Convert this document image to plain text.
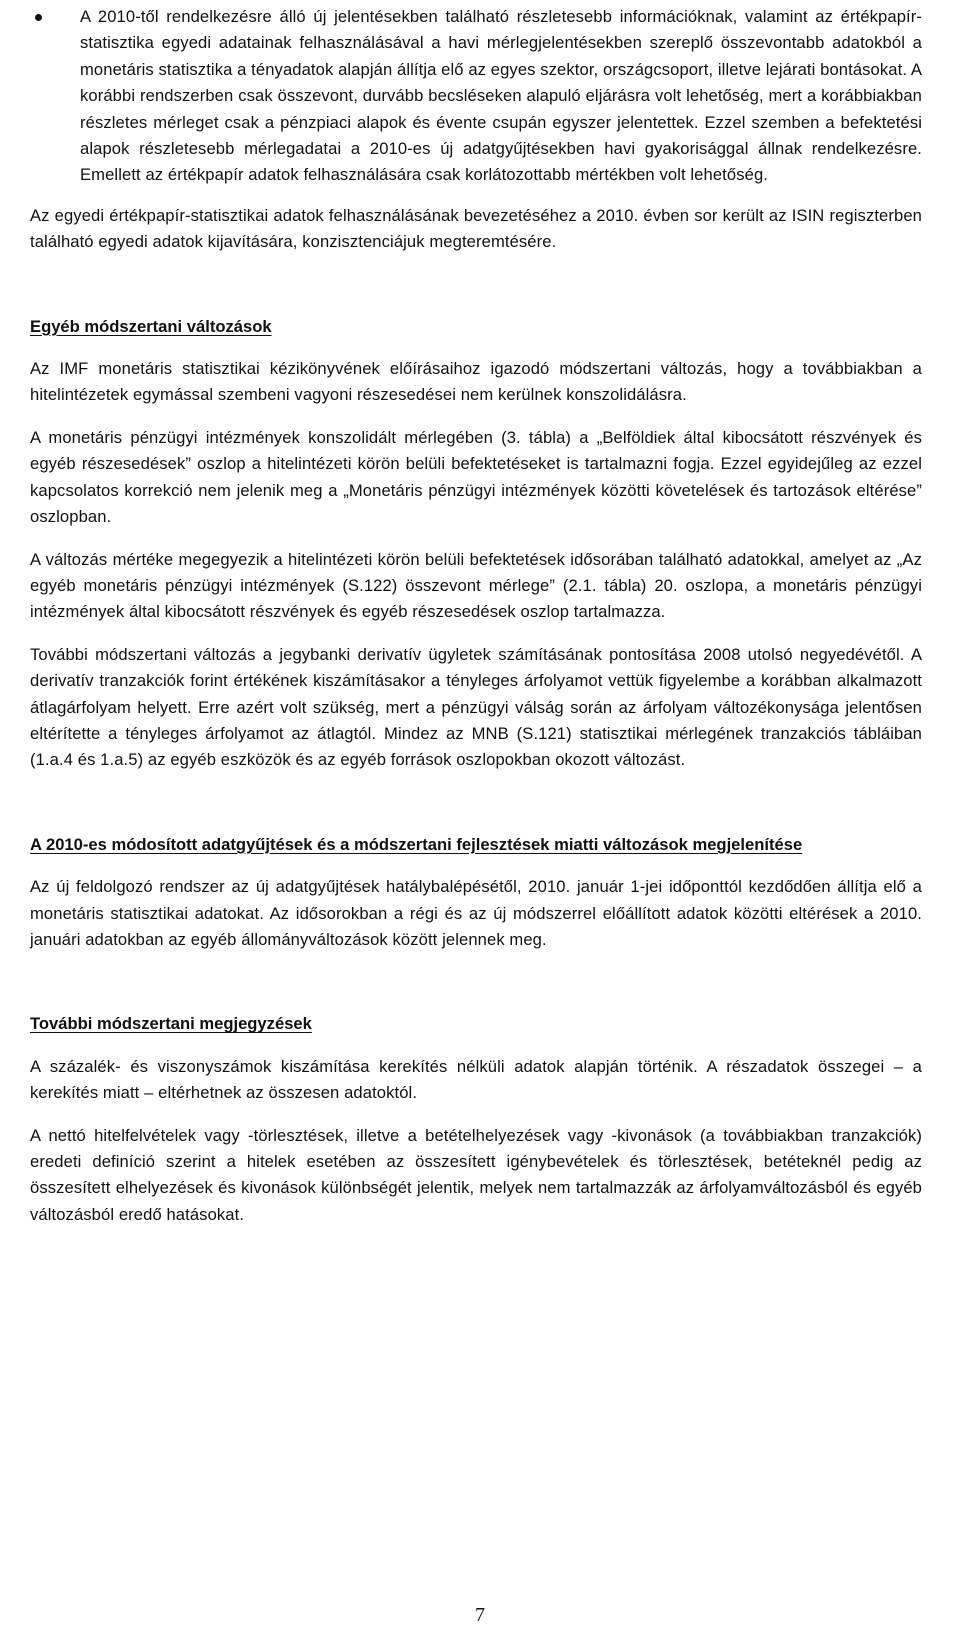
A 2010-től rendelkezésre álló új jelentésekben található részletesebb információknak, valamint az értékpapír-statisztika egyedi adatainak felhasználásával a havi mérlegjelentésekben szereplő összevontabb adatokból a monetáris statisztika a tényadatok alapján állítja elő az egyes szektor, országcsoport, illetve lejárati bontásokat. A korábbi rendszerben csak összevont, durvább becsléseken alapuló eljárásra volt lehetőség, mert a korábbiakban részletes mérleget csak a pénzpiaci alapok és évente csupán egyszer jelentettek. Ezzel szemben a befektetési alapok részletesebb mérlegadatai a 2010-es új adatgyűjtésekben havi gyakorisággal állnak rendelkezésre. Emellett az értékpapír adatok felhasználására csak korlátozottabb mértékben volt lehetőség.

Az egyedi értékpapír-statisztikai adatok felhasználásának bevezetéséhez a 2010. évben sor került az ISIN regiszterben található egyedi adatok kijavítására, konzisztenciájuk megteremtésére.

Egyéb módszertani változások

Az IMF monetáris statisztikai kézikönyvének előírásaihoz igazodó módszertani változás, hogy a továbbiakban a hitelintézetek egymással szembeni vagyoni részesedései nem kerülnek konszolidálásra.

A monetáris pénzügyi intézmények konszolidált mérlegében (3. tábla) a „Belföldiek által kibocsátott részvények és egyéb részesedések” oszlop a hitelintézeti körön belüli befektetéseket is tartalmazni fogja. Ezzel egyidejűleg az ezzel kapcsolatos korrekció nem jelenik meg a „Monetáris pénzügyi intézmények közötti követelések és tartozások eltérése” oszlopban.

A változás mértéke megegyezik a hitelintézeti körön belüli befektetések idősorában található adatokkal, amelyet az „Az egyéb monetáris pénzügyi intézmények (S.122) összevont mérlege” (2.1. tábla) 20. oszlopa, a monetáris pénzügyi intézmények által kibocsátott részvények és egyéb részesedések oszlop tartalmazza.

További módszertani változás a jegybanki derivatív ügyletek számításának pontosítása 2008 utolsó negyedévétől. A derivatív tranzakciók forint értékének kiszámításakor a tényleges árfolyamot vettük figyelembe a korábban alkalmazott átlagárfolyam helyett. Erre azért volt szükség, mert a pénzügyi válság során az árfolyam változékonysága jelentősen eltérítette a tényleges árfolyamot az átlagtól. Mindez az MNB (S.121) statisztikai mérlegének tranzakciós tábláiban (1.a.4 és 1.a.5) az egyéb eszközök és az egyéb források oszlopokban okozott változást.

A 2010-es módosított adatgyűjtések és a módszertani fejlesztések miatti változások megjelenítése

Az új feldolgozó rendszer az új adatgyűjtések hatálybalépésétől, 2010. január 1-jei időponttól kezdődően állítja elő a monetáris statisztikai adatokat. Az idősorokban a régi és az új módszerrel előállított adatok közötti eltérések a 2010. januári adatokban az egyéb állományváltozások között jelennek meg.

További módszertani megjegyzések

A százalék- és viszonyszámok kiszámítása kerekítés nélküli adatok alapján történik. A részadatok összegei – a kerekítés miatt – eltérhetnek az összesen adatoktól.

A nettó hitelfelvételek vagy -törlesztések, illetve a betételhelyezések vagy -kivonások (a továbbiakban tranzakciók) eredeti definíció szerint a hitelek esetében az összesített igénybevételek és törlesztések, betéteknél pedig az összesített elhelyezések és kivonások különbségét jelentik, melyek nem tartalmazzák az árfolyamváltozásból és egyéb változásból eredő hatásokat.

7
